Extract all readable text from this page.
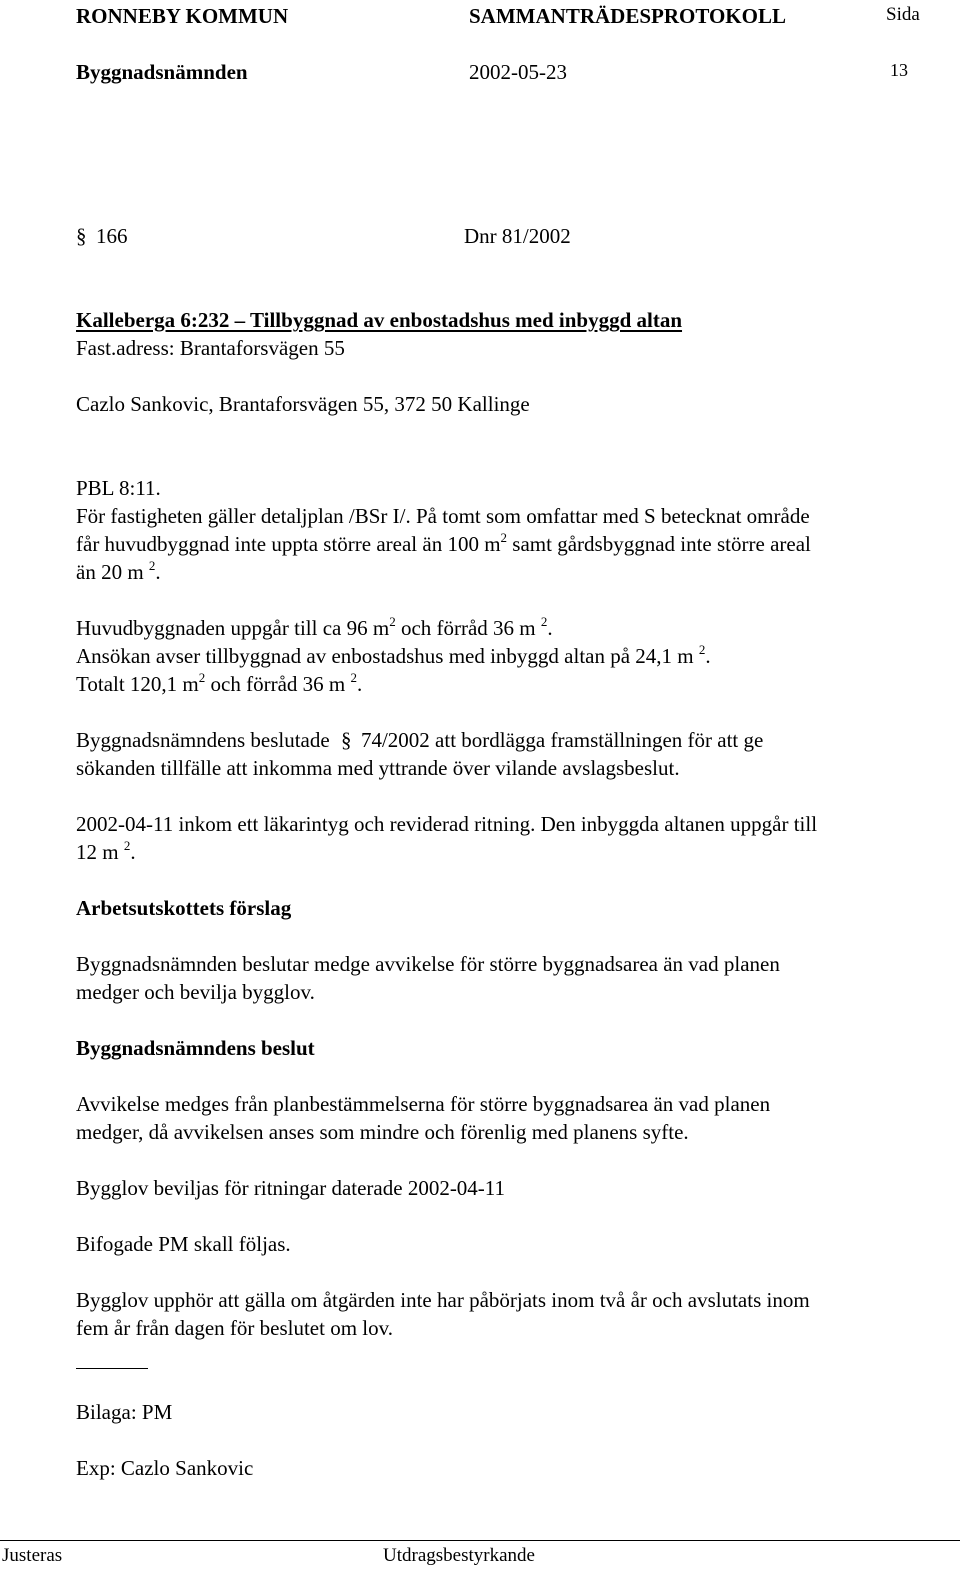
RONNEBY KOMMUN	SAMMANTRÄDESPROTOKOLL	Sida
Byggnadsnämnden	2002-05-23	13
§ 166	Dnr 81/2002
Kalleberga 6:232 – Tillbyggnad av enbostadshus med inbyggd altan
Fast.adress: Brantaforsvägen 55
Cazlo Sankovic, Brantaforsvägen 55, 372 50 Kallinge
PBL 8:11.
För fastigheten gäller detaljplan /BSr I/. På tomt som omfattar med S betecknat område
får huvudbyggnad inte uppta större areal än 100 $m^2$ samt gårdsbyggnad inte större areal
än 20 m $^2$.
Huvudbyggnaden uppgår till ca 96 $m^2$ och förråd 36 m $^2$.
Ansökan avser tillbyggnad av enbostadshus med inbyggd altan på 24,1 m $^2$.
Totalt 120,1 $m^2$ och förråd 36 m $^2$.
Byggnadsnämndens beslutade § 74/2002 att bordlägga framställningen för att ge
sökanden tillfälle att inkomma med yttrande över vilande avslagsbeslut.
2002-04-11 inkom ett läkarintyg och reviderad ritning. Den inbyggda altanen uppgår till
12 m $^2$.
Arbetsutskottets förslag
Byggnadsnämnden beslutar medge avvikelse för större byggnadsarea än vad planen
medger och bevilja bygglov.
Byggnadsnämndens beslut
Avvikelse medges från planbestämmelserna för större byggnadsarea än vad planen
medger, då avvikelsen anses som mindre och förenlig med planens syfte.
Bygglov beviljas för ritningar daterade 2002-04-11
Bifogade PM skall följas.
Bygglov upphör att gälla om åtgärden inte har påbörjats inom två år och avslutats inom
fem år från dagen för beslutet om lov.
Bilaga: PM
Exp: Cazlo Sankovic
Justeras	Utdragsbestyrkande
